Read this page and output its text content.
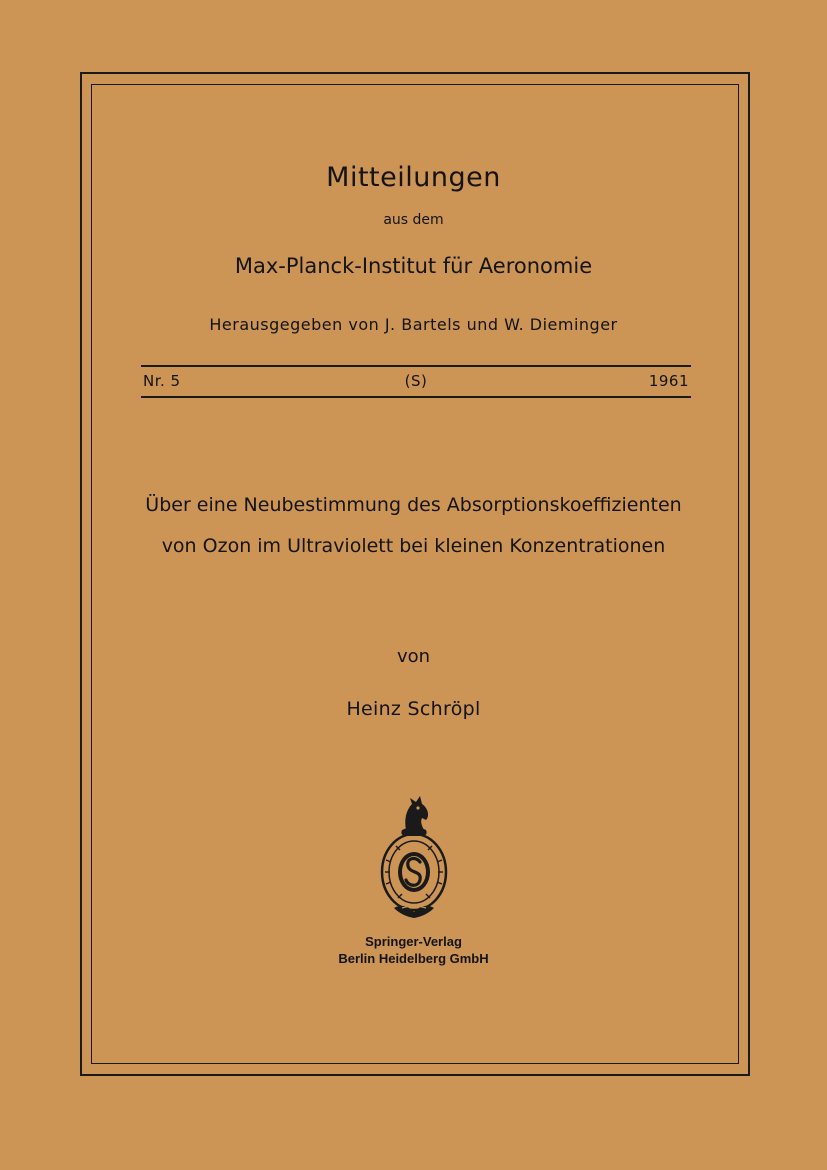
Mitteilungen
aus dem
Max-Planck-Institut für Aeronomie
Herausgegeben von J. Bartels und W. Dieminger
Nr. 5	(S)	1961
Über eine Neubestimmung des Absorptionskoeffizienten
von Ozon im Ultraviolett bei kleinen Konzentrationen
von
Heinz Schröpl
Springer-Verlag
Berlin Heidelberg GmbH
